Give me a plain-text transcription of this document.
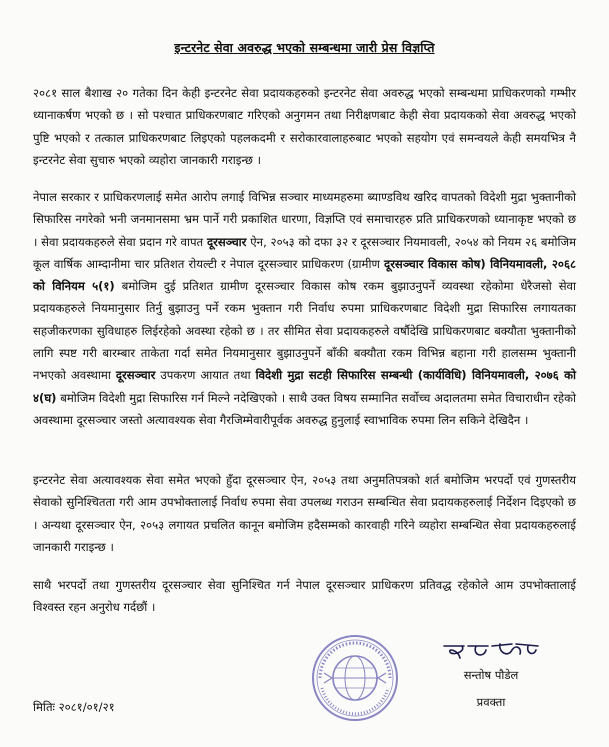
इन्टरनेट सेवा अवरुद्ध भएको सम्बन्धमा जारी प्रेस विज्ञप्ति

२०८१ साल बैशाख २० गतेका दिन केही इन्टरनेट सेवा प्रदायकहरुको इन्टरनेट सेवा अवरुद्ध भएको सम्बन्धमा प्राधिकरणको गम्भीर ध्यानाकर्षण भएको छ । सो पश्चात प्राधिकरणबाट गरिएको अनुगमन तथा निरीक्षणबाट केही सेवा प्रदायकको सेवा अवरुद्ध भएको पुष्टि भएको र तत्काल प्राधिकरणबाट लिइएको पहलकदमी र सरोकारवालाहरुबाट भएको सहयोग एवं समन्वयले केही समयभित्र नै इन्टरनेट सेवा सुचारु भएको व्यहोरा जानकारी गराइन्छ ।

नेपाल सरकार र प्राधिकरणलाई समेत आरोप लगाई विभिन्न सञ्चार माध्यमहरुमा ब्याण्डविथ खरिद वापतको विदेशी मुद्रा भुक्तानीको सिफारिस नगरेको भनी जनमानसमा भ्रम पार्ने गरी प्रकाशित धारणा, विज्ञप्ति एवं समाचारहरु प्रति प्राधिकरणको ध्यानाकृष्ट भएको छ । सेवा प्रदायकहरुले सेवा प्रदान गरे वापत दूरसञ्चार ऐन, २०५३ को दफा ३२ र दूरसञ्चार नियमावली, २०५४ को नियम २६ बमोजिम कूल वार्षिक आम्दानीमा चार प्रतिशत रोयल्टी र नेपाल दूरसञ्चार प्राधिकरण (ग्रामीण दूरसञ्चार विकास कोष) विनियमावली, २०६८ को विनियम ५(१) बमोजिम दुई प्रतिशत ग्रामीण दूरसञ्चार विकास कोष रकम बुझाउनुपर्ने व्यवस्था रहेकोमा धेरैजसो सेवा प्रदायकहरुले नियमानुसार तिर्नु बुझाउनु पर्ने रकम भुक्तान गरी निर्वाध रुपमा प्राधिकरणबाट विदेशी मुद्रा सिफारिस लगायतका सहजीकरणका सुविधाहरु लिईरहेको अवस्था रहेको छ । तर सीमित सेवा प्रदायकहरुले वर्षौदेखि प्राधिकरणबाट बक्यौता भुक्तानीको लागि स्पष्ट गरी बारम्बार ताकेता गर्दा समेत नियमानुसार बुझाउनुपर्ने बाँकी बक्यौता रकम विभिन्न बहाना गरी हालसम्म भुक्तानी नभएको अवस्थामा दूरसञ्चार उपकरण आयात तथा विदेशी मुद्रा सटही सिफारिस सम्बन्धी (कार्यविधि) विनियमावली, २०७६ को ४(घ) बमोजिम विदेशी मुद्रा सिफारिस गर्न मिल्ने नदेखिएको । साथै उक्त विषय सम्मानित सर्वोच्च अदालतमा समेत विचाराधीन रहेको अवस्थामा दूरसञ्चार जस्तो अत्यावश्यक सेवा गैरजिम्मेवारीपूर्वक अवरुद्ध हुनुलाई स्वाभाविक रुपमा लिन सकिने देखिदैन ।

इन्टरनेट सेवा अत्यावश्यक सेवा समेत भएको हुँदा दूरसञ्चार ऐन, २०५३ तथा अनुमतिपत्रको शर्त बमोजिम भरपर्दो एवं गुणस्तरीय सेवाको सुनिश्चितता गरी आम उपभोक्तालाई निर्वाध रुपमा सेवा उपलब्ध गराउन सम्बन्धित सेवा प्रदायकहरुलाई निर्देशन दिइएको छ । अन्यथा दूरसञ्चार ऐन, २०५३ लगायत प्रचलित कानून बमोजिम हदैसम्मको कारवाही गरिने व्यहोरा सम्बन्धित सेवा प्रदायकहरुलाई जानकारी गराइन्छ ।

साथै भरपर्दो तथा गुणस्तरीय दूरसञ्चार सेवा सुनिश्चित गर्न नेपाल दूरसञ्चार प्राधिकरण प्रतिवद्ध रहेकोले आम उपभोक्तालाई विश्वस्त रहन अनुरोध गर्दछौं ।

सन्तोष पौडेल
प्रवक्ता
मितिः २०८१/०१/२१
